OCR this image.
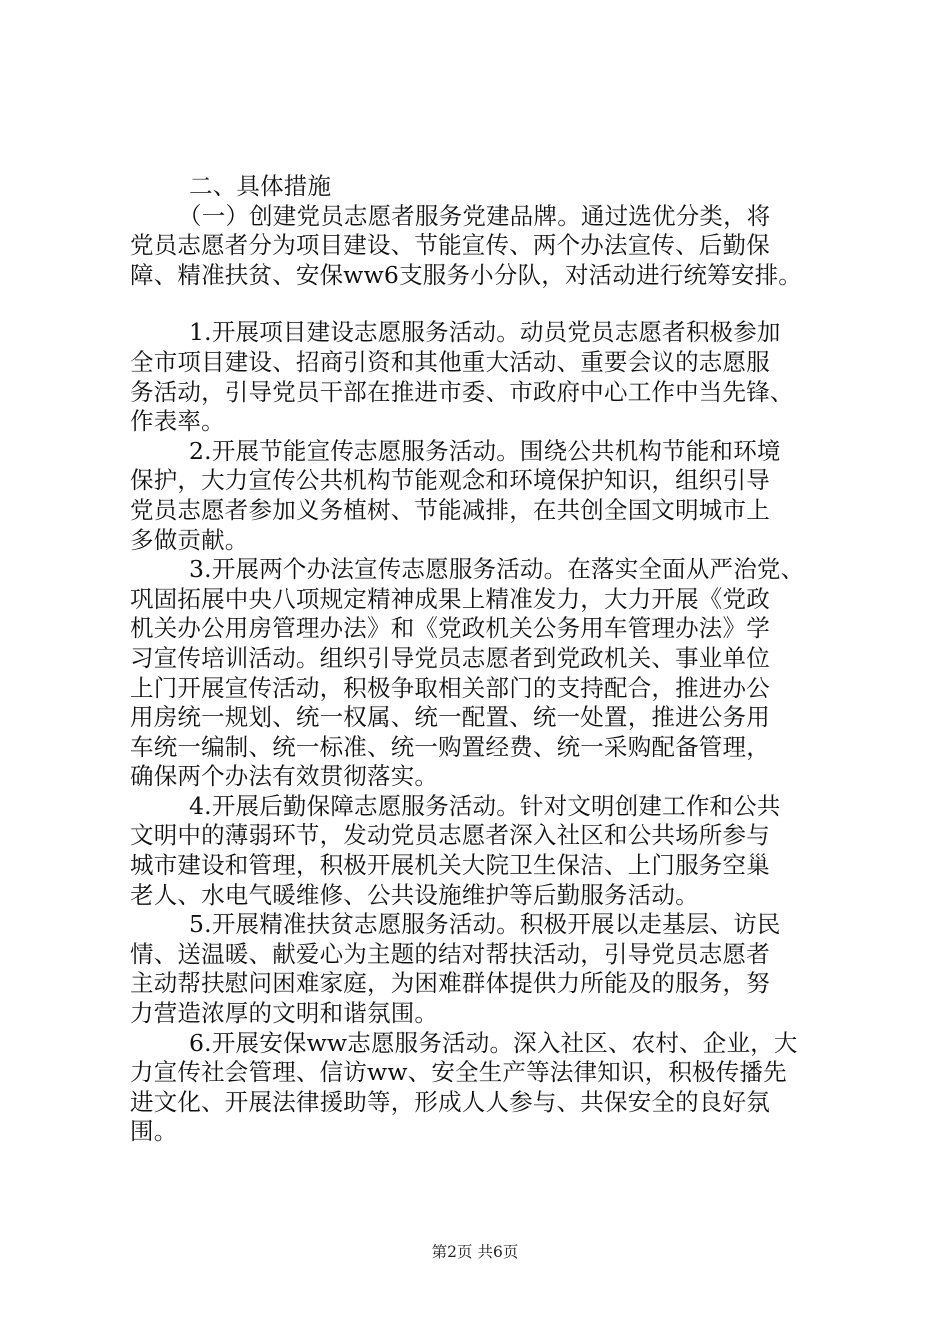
二、具体措施
（一）创建党员志愿者服务党建品牌。通过选优分类，将
党员志愿者分为项目建设、节能宣传、两个办法宣传、后勤保
障、精准扶贫、安保ww6支服务小分队，对活动进行统筹安排。
1.开展项目建设志愿服务活动。动员党员志愿者积极参加
全市项目建设、招商引资和其他重大活动、重要会议的志愿服
务活动，引导党员干部在推进市委、市政府中心工作中当先锋、
作表率。
2.开展节能宣传志愿服务活动。围绕公共机构节能和环境
保护，大力宣传公共机构节能观念和环境保护知识，组织引导
党员志愿者参加义务植树、节能减排，在共创全国文明城市上
多做贡献。
3.开展两个办法宣传志愿服务活动。在落实全面从严治党、
巩固拓展中央八项规定精神成果上精准发力，大力开展《党政
机关办公用房管理办法》和《党政机关公务用车管理办法》学
习宣传培训活动。组织引导党员志愿者到党政机关、事业单位
上门开展宣传活动，积极争取相关部门的支持配合，推进办公
用房统一规划、统一权属、统一配置、统一处置，推进公务用
车统一编制、统一标准、统一购置经费、统一采购配备管理，
确保两个办法有效贯彻落实。
4.开展后勤保障志愿服务活动。针对文明创建工作和公共
文明中的薄弱环节，发动党员志愿者深入社区和公共场所参与
城市建设和管理，积极开展机关大院卫生保洁、上门服务空巢
老人、水电气暖维修、公共设施维护等后勤服务活动。
5.开展精准扶贫志愿服务活动。积极开展以走基层、访民
情、送温暖、献爱心为主题的结对帮扶活动，引导党员志愿者
主动帮扶慰问困难家庭，为困难群体提供力所能及的服务，努
力营造浓厚的文明和谐氛围。
6.开展安保ww志愿服务活动。深入社区、农村、企业，大
力宣传社会管理、信访ww、安全生产等法律知识，积极传播先
进文化、开展法律援助等，形成人人参与、共保安全的良好氛
围。
第2页 共6页
